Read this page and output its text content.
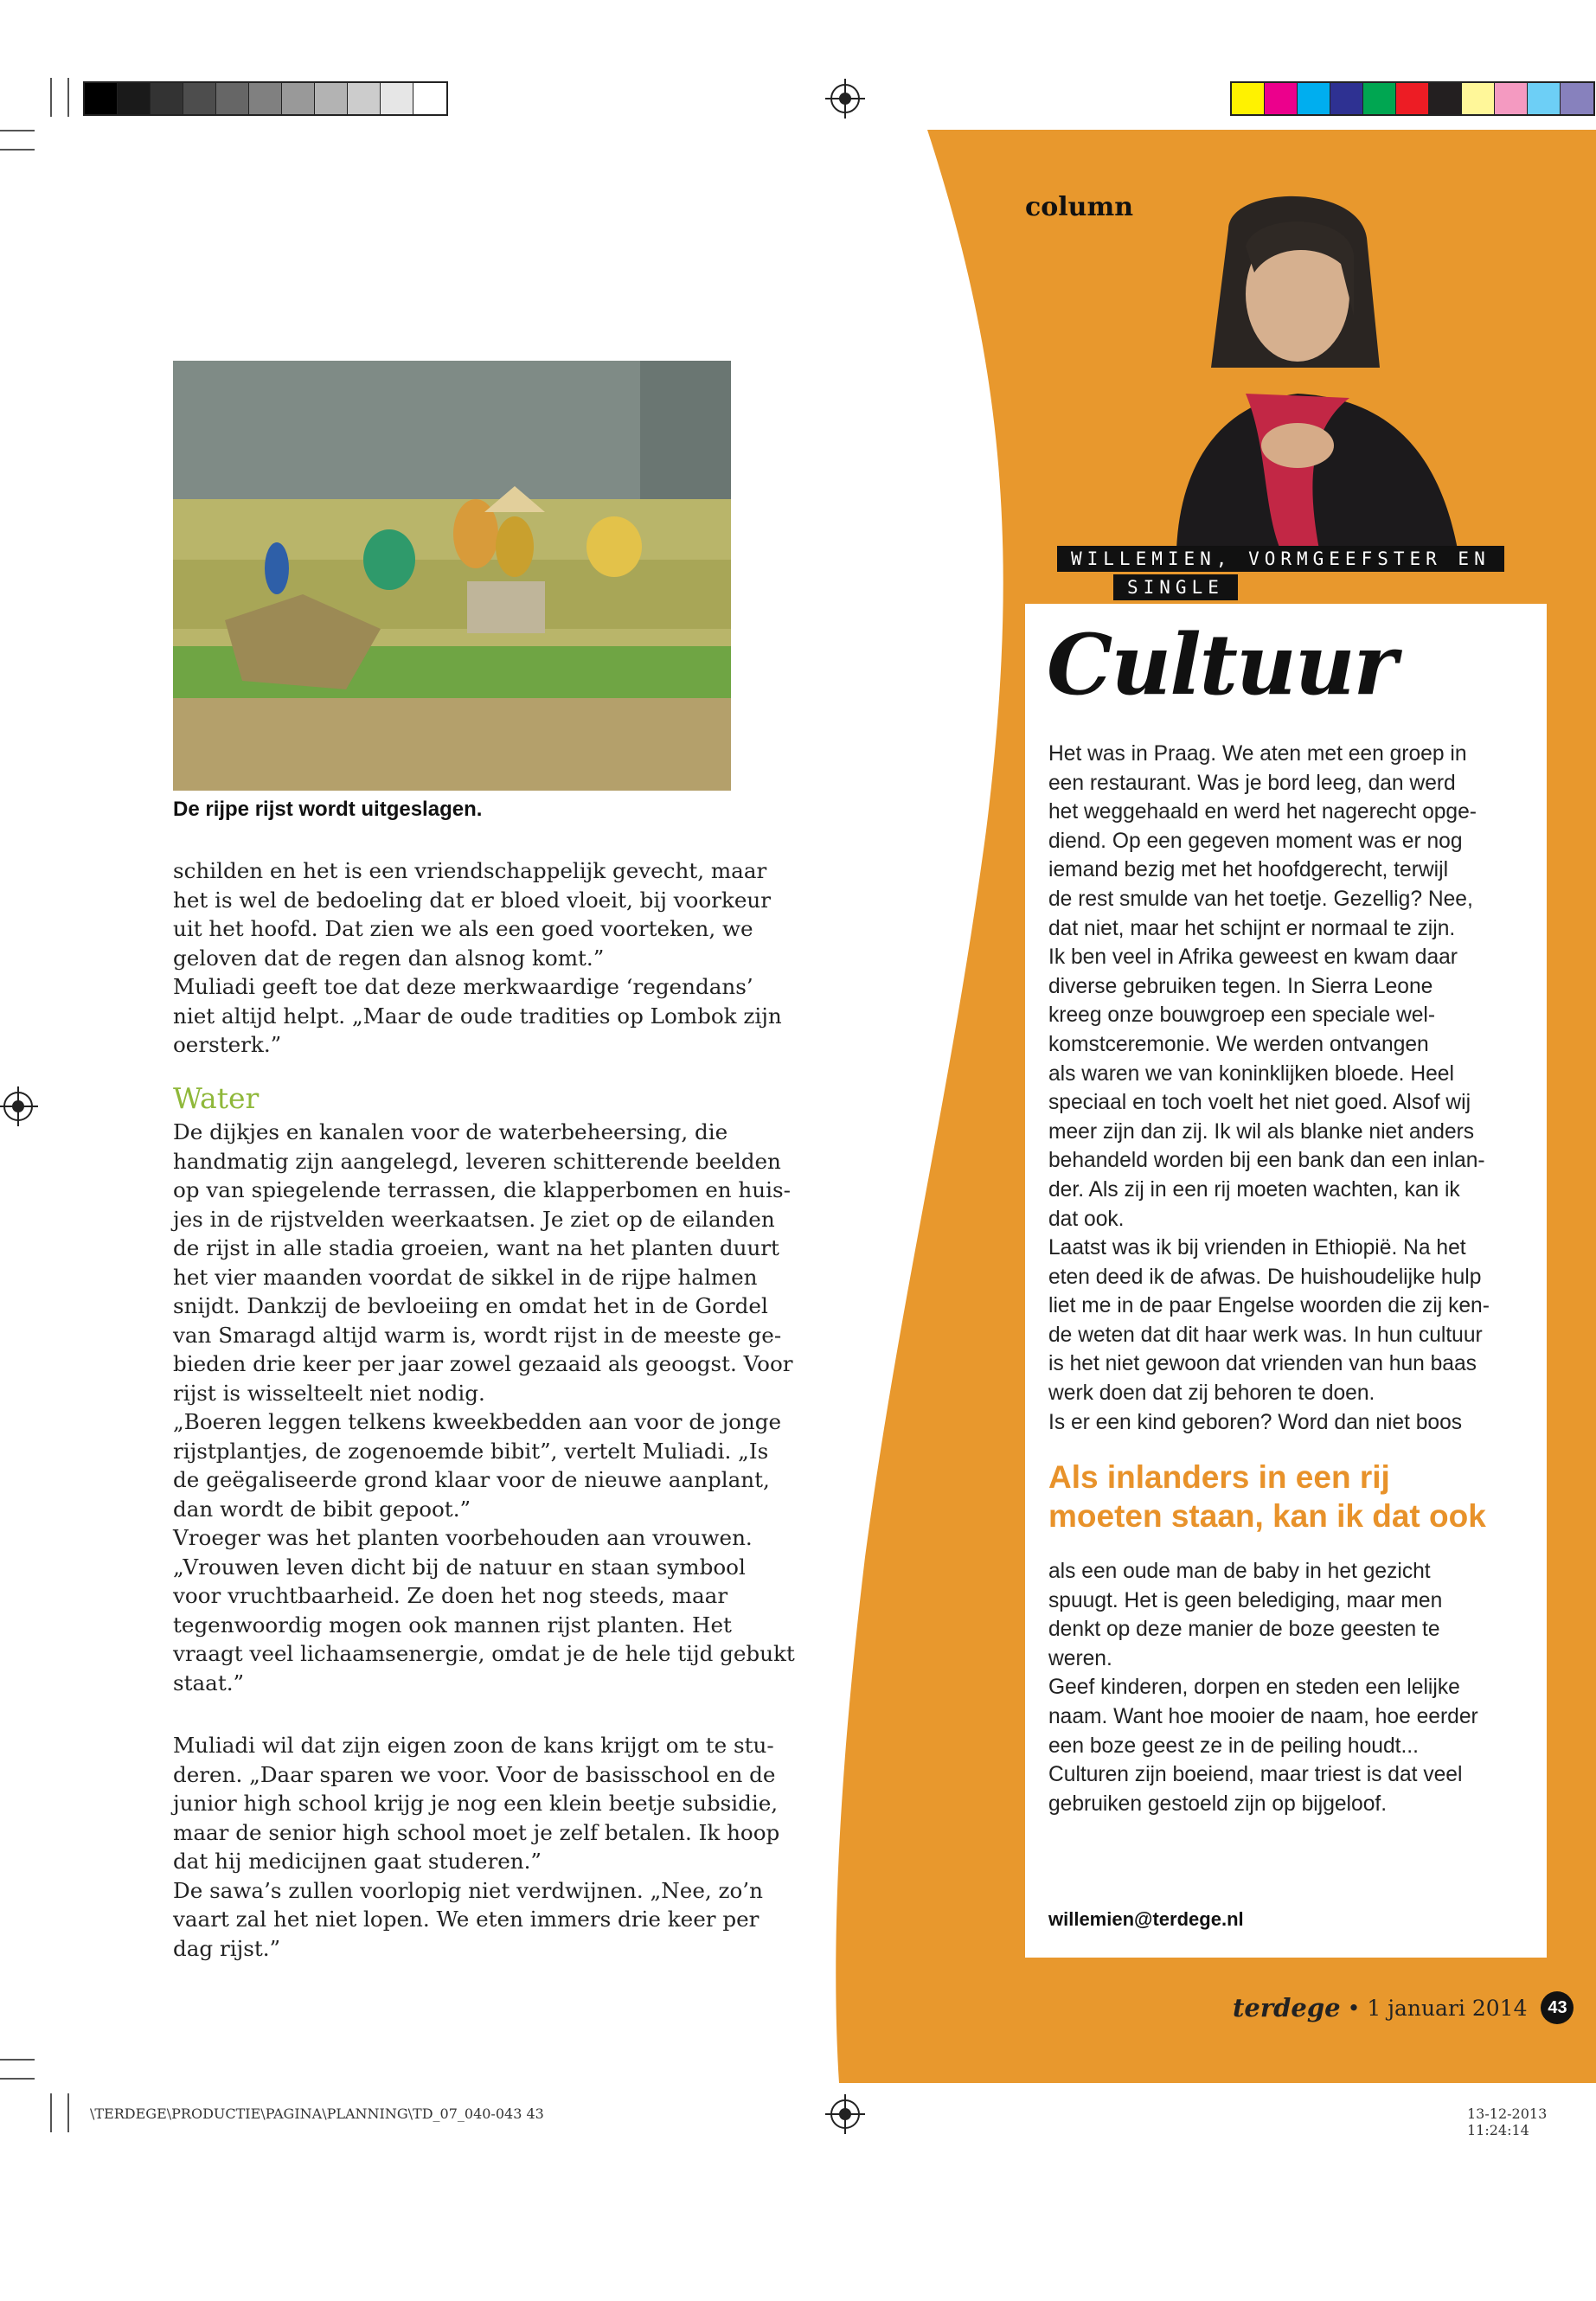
De rijpe rijst wordt uitgeslagen.

schilden en het is een vriendschappelijk gevecht, maar

het is wel de bedoeling dat er bloed vloeit, bij voorkeur

uit het hoofd. Dat zien we als een goed voorteken, we

geloven dat de regen dan alsnog komt.”

Muliadi geeft toe dat deze merkwaardige ‘regendans’

niet altijd helpt. „Maar de oude tradities op Lombok zijn

oersterk.”

Water

De dijkjes en kanalen voor de waterbeheersing, die

handmatig zijn aangelegd, leveren schitterende beelden

op van spiegelende terrassen, die klapperbomen en huis-

jes in de rijstvelden weerkaatsen. Je ziet op de eilanden

de rijst in alle stadia groeien, want na het planten duurt

het vier maanden voordat de sikkel in de rijpe halmen

snijdt. Dankzij de bevloeiing en omdat het in de Gordel

van Smaragd altijd warm is, wordt rijst in de meeste ge-

bieden drie keer per jaar zowel gezaaid als geoogst. Voor

rijst is wisselteelt niet nodig.

„Boeren leggen telkens kweekbedden aan voor de jonge

rijstplantjes, de zogenoemde bibit”, vertelt Muliadi. „Is

de geëgaliseerde grond klaar voor de nieuwe aanplant,

dan wordt de bibit gepoot.”

Vroeger was het planten voorbehouden aan vrouwen.

„Vrouwen leven dicht bij de natuur en staan symbool

voor vruchtbaarheid. Ze doen het nog steeds, maar

tegenwoordig mogen ook mannen rijst planten. Het

vraagt veel lichaamsenergie, omdat je de hele tijd gebukt

staat.”

Muliadi wil dat zijn eigen zoon de kans krijgt om te stu-

deren. „Daar sparen we voor. Voor de basisschool en de

junior high school krijg je nog een klein beetje subsidie,

maar de senior high school moet je zelf betalen. Ik hoop

dat hij medicijnen gaat studeren.”

De sawa’s zullen voorlopig niet verdwijnen. „Nee, zo’n

vaart zal het niet lopen. We eten immers drie keer per

dag rijst.”

column
WILLEMIEN, VORMGEEFSTER EN
SINGLE
Cultuur

Het was in Praag. We aten met een groep in

een restaurant. Was je bord leeg, dan werd

het weggehaald en werd het nagerecht opge-

diend. Op een gegeven moment was er nog

iemand bezig met het hoofdgerecht, terwijl

de rest smulde van het toetje. Gezellig? Nee,

dat niet, maar het schijnt er normaal te zijn.

Ik ben veel in Afrika geweest en kwam daar

diverse gebruiken tegen. In Sierra Leone

kreeg onze bouwgroep een speciale wel-

komstceremonie. We werden ontvangen

als waren we van koninklijken bloede. Heel

speciaal en toch voelt het niet goed. Alsof wij

meer zijn dan zij. Ik wil als blanke niet anders

behandeld worden bij een bank dan een inlan-

der. Als zij in een rij moeten wachten, kan ik

dat ook.

Laatst was ik bij vrienden in Ethiopië. Na het

eten deed ik de afwas. De huishoudelijke hulp

liet me in de paar Engelse woorden die zij ken-

de weten dat dit haar werk was. In hun cultuur

is het niet gewoon dat vrienden van hun baas

werk doen dat zij behoren te doen.

Is er een kind geboren? Word dan niet boos

Als inlanders in een rij

moeten staan, kan ik dat ook

als een oude man de baby in het gezicht

spuugt. Het is geen belediging, maar men

denkt op deze manier de boze geesten te

weren.

Geef kinderen, dorpen en steden een lelijke

naam. Want hoe mooier de naam, hoe eerder

een boze geest ze in de peiling houdt...

Culturen zijn boeiend, maar triest is dat veel

gebruiken gestoeld zijn op bijgeloof.

willemien@terdege.nl
terdege • 1 januari 2014	43
\TERDEGE\PRODUCTIE\PAGINA\PLANNING\TD_07_040-043 43	13-12-2013 11:24:14
